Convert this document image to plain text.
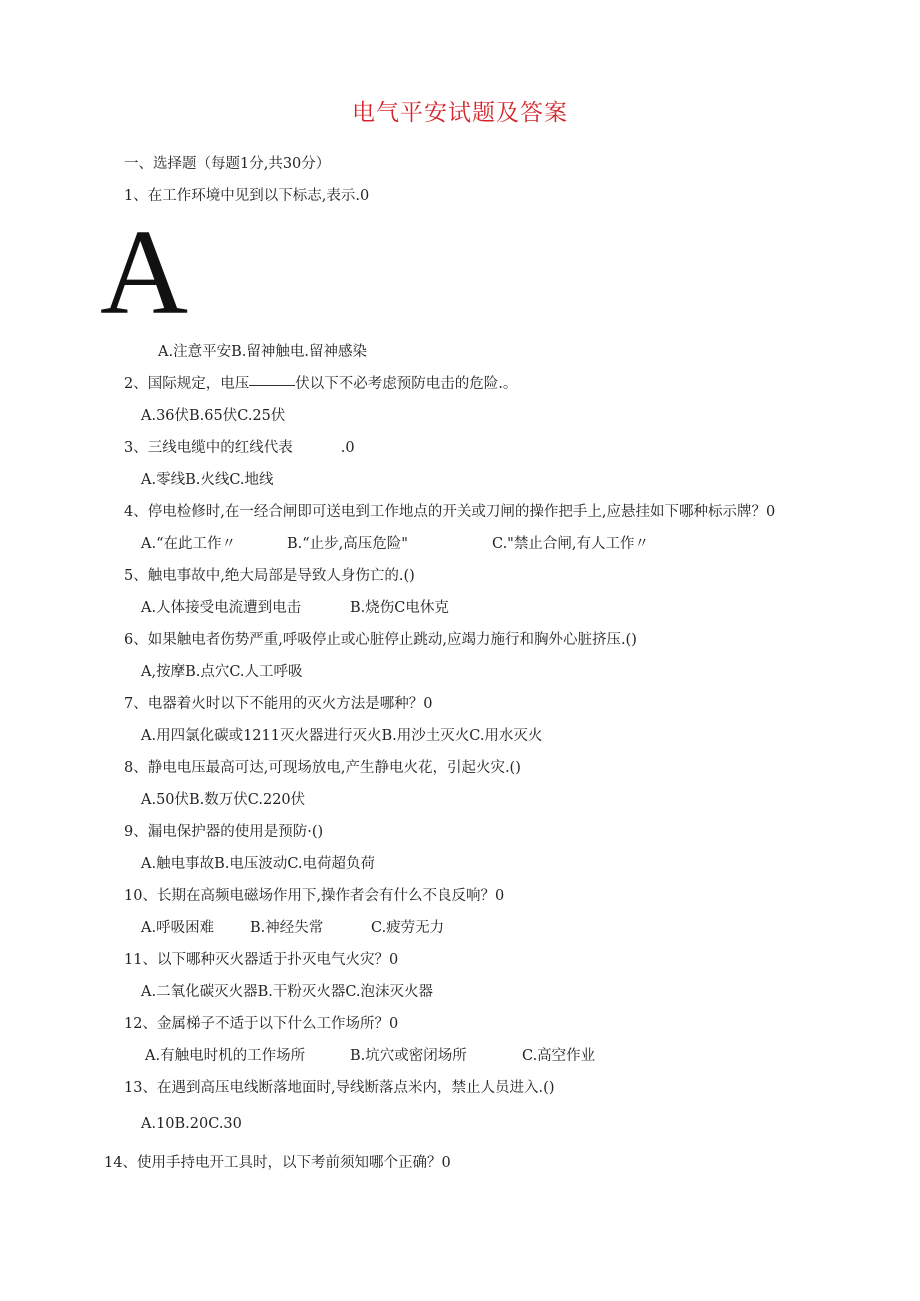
电气平安试题及答案
一、选择题（每题1分,共30分）
1、在工作环境中见到以下标志,表示.0
A
A.注意平安B.留神触电.留神感染
2、国际规定，电压	伏以下不必考虑预防电击的危险.。
A.36伏B.65伏C.25伏
3、三线电缆中的红线代表	.0
A.零线B.火线C.地线
4、停电检修时,在一经合闸即可送电到工作地点的开关或刀闸的操作把手上,应悬挂如下哪种标示牌？0
A.“在此工作〃	B.“止步,高压危险"	C."禁止合闸,有人工作〃
5、触电事故中,绝大局部是导致人身伤亡的.()
A.人体接受电流遭到电击	B.烧伤C电休克
6、如果触电者伤势严重,呼吸停止或心脏停止跳动,应竭力施行和胸外心脏挤压.()
A,按摩B.点穴C.人工呼吸
7、电器着火时以下不能用的灭火方法是哪种？0
A.用四氯化碳或1211灭火器进行灭火B.用沙土灭火C.用水灭火
8、静电电压最高可达,可现场放电,产生静电火花，引起火灾.()
A.50伏B.数万伏C.220伏
9、漏电保护器的使用是预防·()
A.触电事故B.电压波动C.电荷超负荷
10、长期在高频电磁场作用下,操作者会有什么不良反响？0
A.呼吸困难 B.神经失常	C.疲劳无力
11、以下哪种灭火器适于扑灭电气火灾？0
A.二氧化碳灭火器B.干粉灭火器C.泡沫灭火器
12、金属梯子不适于以下什么工作场所？0
A.有触电时机的工作场所	B.坑穴或密闭场所	C.高空作业
13、在遇到高压电线断落地面时,导线断落点米内，禁止人员进入.()
A.10B.20C.30
14、使用手持电开工具时，以下考前须知哪个正确？0
